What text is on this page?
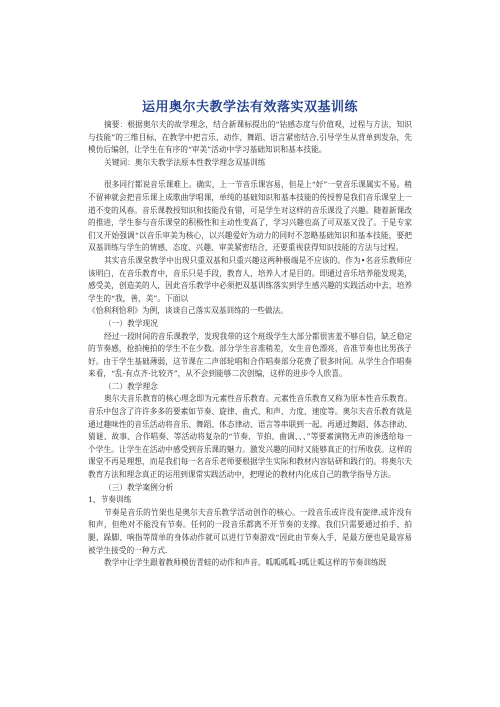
运用奥尔夫教学法有效落实双基训练

摘要：根据奥尔夫的故学理念，结合新课标提出的“钴感态度与价值观，过程与方法，知识与技能”的三维目标，在教学中把言乐、动作、舞蹈、语言紧密结合,引导学生从背单到发杂，先模仿后编创，让学生在有序的“审美”活动中学习基础知识和基本技能。

关键词：奥尔夫教学法原本性教学理念双基训练

很多同行都说音乐课难上。确实，上一节音乐课容易，但是上“好”一堂音乐课属实不易。稍不留神就会把音乐课上成歌曲学唱课，单纯的基础知识和基本技能的传授曾是我们音乐课堂上一道不变的风春。音乐课教授知识和技能没有错，可是学生对这样的音乐课没了兴趣。随着新课改的推进，学生参与音乐课堂的积极性和主动性变高了，学习兴趣也高了可双基又没了。于是专家们又开始强调“以音乐审美为核心，以兴趣爱好为动力的同时不忽略基础知识和基本技能，要把双基训练与学生的情感、态度、兴趣、审美紧密结合，还要重视获得知识技能的方法与过程。

其实音乐课堂教学中出现只重双基和只重兴趣这两种极端是不应该的。作为•名音乐教师应该明白，在音乐教育中，音乐只是手段，教育人，培养人才是目的。即通过音乐培养能发现美，感受美，创造美的人，因此音乐教学中必须把双基训练落实到学生感兴趣的实践活动中去，培养学生的“我，善，美”。下面以

《恰利利恰利》为例，谈谈自己落实双基训练的一些做法。

（一）教学现况

经过一段时间的音乐课教学，发现我带的这个班级学生大部分都很害羞不够自信，缺乏稳定的节奏感，抢拍掩拍的学生不在少数。部分学生音准稍差，女生音色漂亮，音准节奏也比男孩子好。由于学生基础薄弱，这节课在二声部轮唱和合作唱奏部分花费了很多时间。从学生合作唱奏来看，“乱·有点齐·比较齐”，从不会到能够二次创编，这样的进步令人欣喜。

（二）教学理念

奥尔夫音乐教育的核心理念即为元素性音乐教育。元素性音乐教育又称为原本性音乐教育。音乐中包含了许许多多的要素如节奏、旋律、曲式、和声、力度、速度等。奥尔夫音乐教育就是通过趣味性的音乐活动将音乐、舞蹈、体态律动、语言等串联到一起。再通过舞蹈、体态律动、猜谜、故事、合作唱奏、等活动将复杂的“节奏、节拍、曲调、、、”等要素演物无声的渗透给每一个学生。让学生在活动中感受到音乐课的魅力。激发兴趣的同时又能够真正的行所收获。这样的课堂不再是理想，而是我们每一名音乐老师要根据学生实际和教材内容钻研和践行的。将奥尔夫教育方法和理念真正的运用到课常实践活动中，把理论的教材内化成自己的教学指导方法。

（三）教学案例分析

1、节奏训练

节奏是音乐的竹架也是奥尔夫音乐教学活动创作的核心。一段音乐或许没有旋律,或许没有和声，但绝对不能没有节奏。任何的一段音乐都离不开节奏的支撑。我们只需要通过拍手、拍腿、跺脚、响指等简单的身体动作就可以进行节奏游戏“因此由节奏入手，是最方便也是最容易被学生接受的一种方式.

教学中让学生跟着教师模仿青蛙的动作和声音。呱呱呱呱-I呱让呱这样的节奏训练既
